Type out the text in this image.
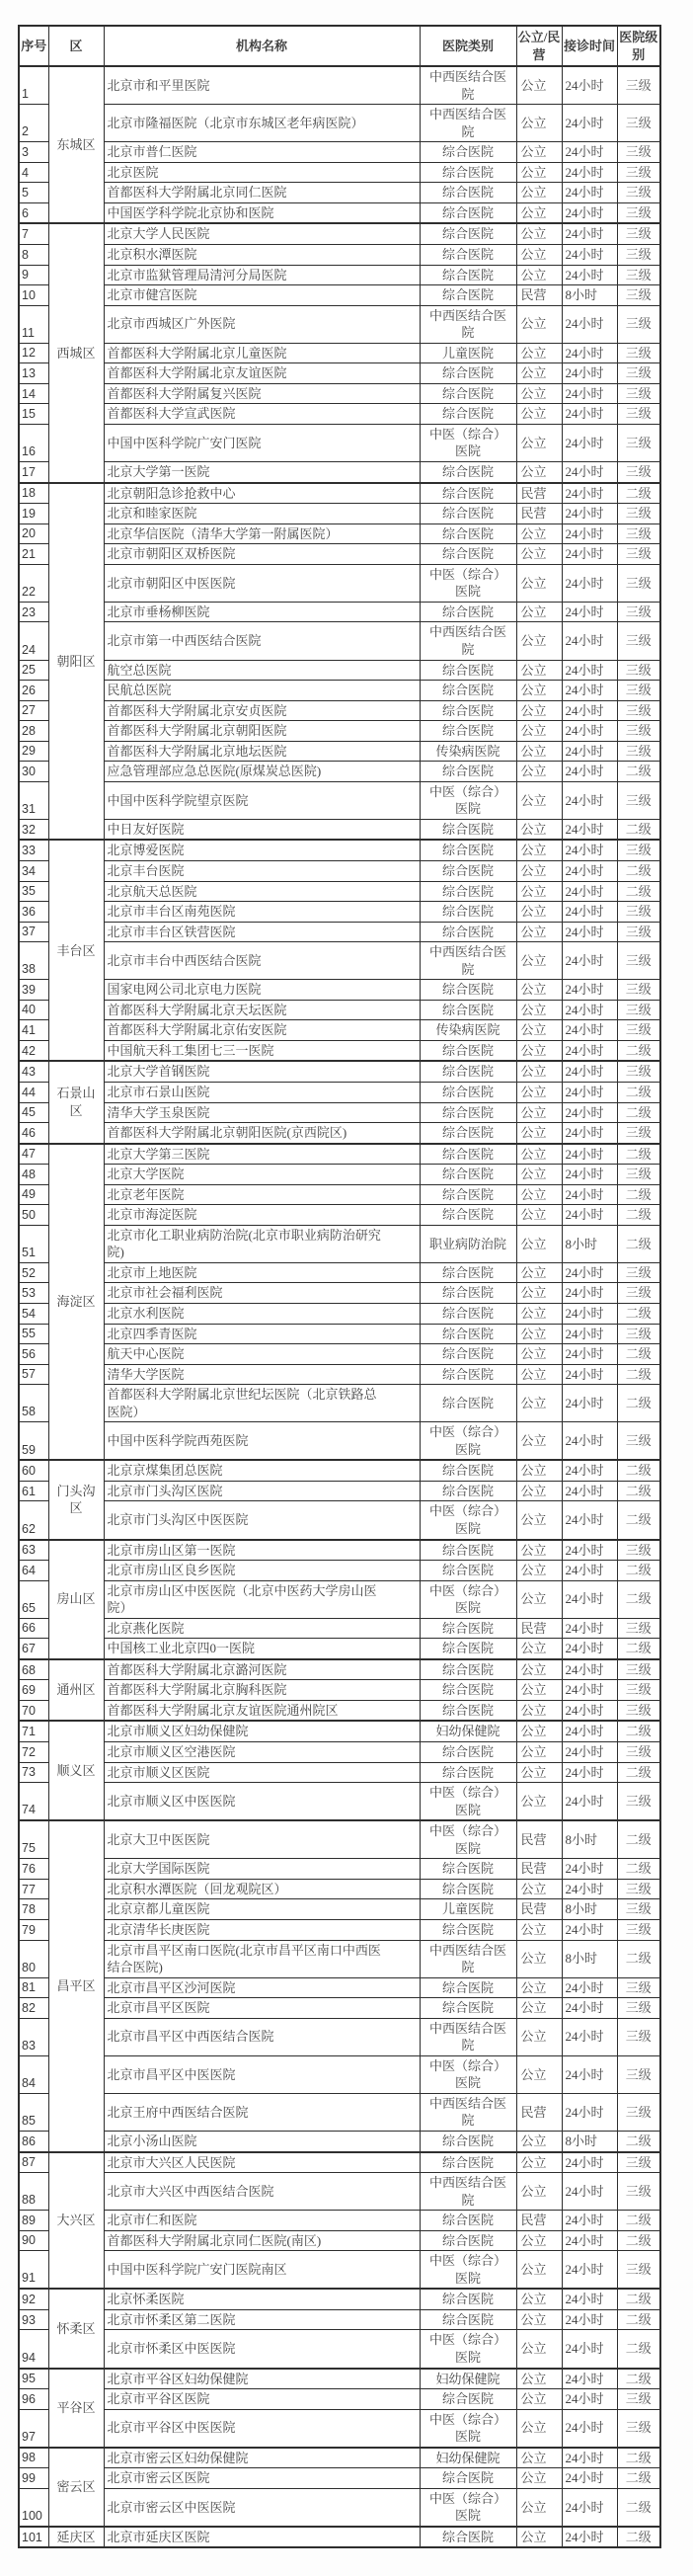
序号	区	机构名称	医院类别	公立/民营	接诊时间	医院级别
1	东城区	北京市和平里医院	中西医结合医院	公立	24小时	三级
2		北京市隆福医院（北京市东城区老年病医院）	中西医结合医院	公立	24小时	三级
3		北京市普仁医院	综合医院	公立	24小时	三级
4		北京医院	综合医院	公立	24小时	三级
5		首都医科大学附属北京同仁医院	综合医院	公立	24小时	三级
6		中国医学科学院北京协和医院	综合医院	公立	24小时	三级
7	西城区	北京大学人民医院	综合医院	公立	24小时	三级
8		北京积水潭医院	综合医院	公立	24小时	三级
9		北京市监狱管理局清河分局医院	综合医院	公立	24小时	三级
10		北京市健宫医院	综合医院	民营	8小时	三级
11		北京市西城区广外医院	中西医结合医院	公立	24小时	三级
12		首都医科大学附属北京儿童医院	儿童医院	公立	24小时	三级
13		首都医科大学附属北京友谊医院	综合医院	公立	24小时	三级
14		首都医科大学附属复兴医院	综合医院	公立	24小时	三级
15		首都医科大学宣武医院	综合医院	公立	24小时	三级
16		中国中医科学院广安门医院	中医（综合）医院	公立	24小时	三级
17		北京大学第一医院	综合医院	公立	24小时	三级
18	朝阳区	北京朝阳急诊抢救中心	综合医院	民营	24小时	二级
19		北京和睦家医院	综合医院	民营	24小时	三级
20		北京华信医院（清华大学第一附属医院）	综合医院	公立	24小时	三级
21		北京市朝阳区双桥医院	综合医院	公立	24小时	三级
22		北京市朝阳区中医医院	中医（综合）医院	公立	24小时	三级
23		北京市垂杨柳医院	综合医院	公立	24小时	三级
24		北京市第一中西医结合医院	中西医结合医院	公立	24小时	三级
25		航空总医院	综合医院	公立	24小时	三级
26		民航总医院	综合医院	公立	24小时	三级
27		首都医科大学附属北京安贞医院	综合医院	公立	24小时	三级
28		首都医科大学附属北京朝阳医院	综合医院	公立	24小时	三级
29		首都医科大学附属北京地坛医院	传染病医院	公立	24小时	三级
30		应急管理部应急总医院(原煤炭总医院)	综合医院	公立	24小时	二级
31		中国中医科学院望京医院	中医（综合）医院	公立	24小时	三级
32		中日友好医院	综合医院	公立	24小时	二级
33	丰台区	北京博爱医院	综合医院	公立	24小时	三级
34		北京丰台医院	综合医院	公立	24小时	二级
35		北京航天总医院	综合医院	公立	24小时	二级
36		北京市丰台区南苑医院	综合医院	公立	24小时	三级
37		北京市丰台区铁营医院	综合医院	公立	24小时	三级
38		北京市丰台中西医结合医院	中西医结合医院	公立	24小时	三级
39		国家电网公司北京电力医院	综合医院	公立	24小时	三级
40		首都医科大学附属北京天坛医院	综合医院	公立	24小时	三级
41		首都医科大学附属北京佑安医院	传染病医院	公立	24小时	三级
42		中国航天科工集团七三一医院	综合医院	公立	24小时	二级
43	石景山区	北京大学首钢医院	综合医院	公立	24小时	三级
44		北京市石景山医院	综合医院	公立	24小时	二级
45		清华大学玉泉医院	综合医院	公立	24小时	二级
46		首都医科大学附属北京朝阳医院(京西院区)	综合医院	公立	24小时	三级
47	海淀区	北京大学第三医院	综合医院	公立	24小时	二级
48		北京大学医院	综合医院	公立	24小时	三级
49		北京老年医院	综合医院	公立	24小时	二级
50		北京市海淀医院	综合医院	公立	24小时	二级
51		北京市化工职业病防治院(北京市职业病防治研究院)	职业病防治院	公立	8小时	二级
52		北京市上地医院	综合医院	公立	24小时	三级
53		北京市社会福利医院	综合医院	公立	24小时	三级
54		北京水利医院	综合医院	公立	24小时	二级
55		北京四季青医院	综合医院	公立	24小时	三级
56		航天中心医院	综合医院	公立	24小时	二级
57		清华大学医院	综合医院	公立	24小时	二级
58		首都医科大学附属北京世纪坛医院（北京铁路总医院）	综合医院	公立	24小时	二级
59		中国中医科学院西苑医院	中医（综合）医院	公立	24小时	三级
60	门头沟区	北京京煤集团总医院	综合医院	公立	24小时	二级
61		北京市门头沟区医院	综合医院	公立	24小时	二级
62		北京市门头沟区中医医院	中医（综合）医院	公立	24小时	二级
63	房山区	北京市房山区第一医院	综合医院	公立	24小时	三级
64		北京市房山区良乡医院	综合医院	公立	24小时	二级
65		北京市房山区中医医院（北京中医药大学房山医院）	中医（综合）医院	公立	24小时	二级
66		北京燕化医院	综合医院	民营	24小时	三级
67		中国核工业北京四0一医院	综合医院	公立	24小时	二级
68	通州区	首都医科大学附属北京潞河医院	综合医院	公立	24小时	三级
69		首都医科大学附属北京胸科医院	综合医院	公立	24小时	三级
70		首都医科大学附属北京友谊医院通州院区	综合医院	公立	24小时	三级
71	顺义区	北京市顺义区妇幼保健院	妇幼保健院	公立	24小时	二级
72		北京市顺义区空港医院	综合医院	公立	24小时	三级
73		北京市顺义区医院	综合医院	公立	24小时	二级
74		北京市顺义区中医医院	中医（综合）医院	公立	24小时	三级
75	昌平区	北京大卫中医医院	中医（综合）医院	民营	8小时	二级
76		北京大学国际医院	综合医院	民营	24小时	二级
77		北京积水潭医院（回龙观院区）	综合医院	公立	24小时	三级
78		北京京都儿童医院	儿童医院	民营	8小时	三级
79		北京清华长庚医院	综合医院	公立	24小时	三级
80		北京市昌平区南口医院(北京市昌平区南口中西医结合医院)	中西医结合医院	公立	8小时	二级
81		北京市昌平区沙河医院	综合医院	公立	24小时	三级
82		北京市昌平区医院	综合医院	公立	24小时	三级
83		北京市昌平区中西医结合医院	中西医结合医院	公立	24小时	三级
84		北京市昌平区中医医院	中医（综合）医院	公立	24小时	三级
85		北京王府中西医结合医院	中西医结合医院	民营	24小时	三级
86		北京小汤山医院	综合医院	公立	8小时	二级
87	大兴区	北京市大兴区人民医院	综合医院	公立	24小时	三级
88		北京市大兴区中西医结合医院	中西医结合医院	公立	24小时	三级
89		北京市仁和医院	综合医院	民营	24小时	二级
90		首都医科大学附属北京同仁医院(南区)	综合医院	公立	24小时	二级
91		中国中医科学院广安门医院南区	中医（综合）医院	公立	24小时	三级
92	怀柔区	北京怀柔医院	综合医院	公立	24小时	二级
93		北京市怀柔区第二医院	综合医院	公立	24小时	二级
94		北京市怀柔区中医医院	中医（综合）医院	公立	24小时	二级
95	平谷区	北京市平谷区妇幼保健院	妇幼保健院	公立	24小时	二级
96		北京市平谷区医院	综合医院	公立	24小时	三级
97		北京市平谷区中医医院	中医（综合）医院	公立	24小时	三级
98	密云区	北京市密云区妇幼保健院	妇幼保健院	公立	24小时	二级
99		北京市密云区医院	综合医院	公立	24小时	二级
100		北京市密云区中医医院	中医（综合）医院	公立	24小时	二级
101	延庆区	北京市延庆区医院	综合医院	公立	24小时	二级
